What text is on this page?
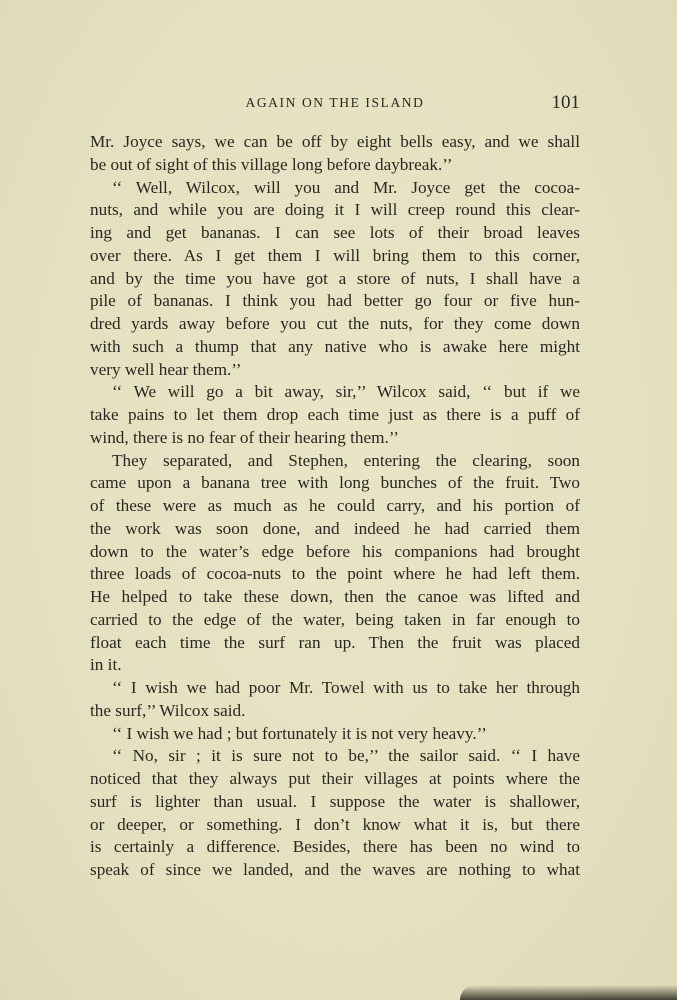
AGAIN ON THE ISLAND	101
Mr. Joyce says, we can be off by eight bells easy, and we shall
be out of sight of this village long before daybreak.’’
‘‘ Well, Wilcox, will you and Mr. Joyce get the cocoa-
nuts, and while you are doing it I will creep round this clear-
ing and get bananas. I can see lots of their broad leaves
over there. As I get them I will bring them to this corner,
and by the time you have got a store of nuts, I shall have a
pile of bananas. I think you had better go four or five hun-
dred yards away before you cut the nuts, for they come down
with such a thump that any native who is awake here might
very well hear them.’’
‘‘ We will go a bit away, sir,’’ Wilcox said, ‘‘ but if we
take pains to let them drop each time just as there is a puff of
wind, there is no fear of their hearing them.’’
They separated, and Stephen, entering the clearing, soon
came upon a banana tree with long bunches of the fruit. Two
of these were as much as he could carry, and his portion of
the work was soon done, and indeed he had carried them
down to the water’s edge before his companions had brought
three loads of cocoa-nuts to the point where he had left them.
He helped to take these down, then the canoe was lifted and
carried to the edge of the water, being taken in far enough to
float each time the surf ran up. Then the fruit was placed
in it.
‘‘ I wish we had poor Mr. Towel with us to take her through
the surf,’’ Wilcox said.
‘‘ I wish we had ; but fortunately it is not very heavy.’’
‘‘ No, sir ; it is sure not to be,’’ the sailor said. ‘‘ I have
noticed that they always put their villages at points where the
surf is lighter than usual. I suppose the water is shallower,
or deeper, or something. I don’t know what it is, but there
is certainly a difference. Besides, there has been no wind to
speak of since we landed, and the waves are nothing to what
